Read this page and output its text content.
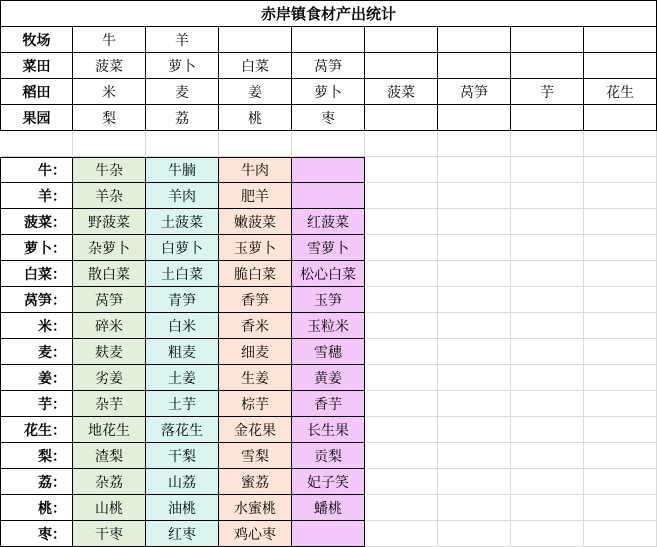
赤岸镇食材产出统计
牧场	牛	羊
菜田	菠菜	萝卜	白菜	莴笋
稻田	米	麦	姜	萝卜	菠菜	莴笋	芋	花生
果园	梨	荔	桃	枣
牛：	牛杂	牛腩	牛肉
羊：	羊杂	羊肉	肥羊
菠菜：	野菠菜	土菠菜	嫩菠菜	红菠菜
萝卜：	杂萝卜	白萝卜	玉萝卜	雪萝卜
白菜：	散白菜	土白菜	脆白菜	松心白菜
莴笋：	莴笋	青笋	香笋	玉笋
米：	碎米	白米	香米	玉粒米
麦：	麸麦	粗麦	细麦	雪穗
姜：	劣姜	土姜	生姜	黄姜
芋：	杂芋	土芋	棕芋	香芋
花生：	地花生	落花生	金花果	长生果
梨：	渣梨	干梨	雪梨	贡梨
荔：	杂荔	山荔	蜜荔	妃子笑
桃：	山桃	油桃	水蜜桃	蟠桃
枣：	干枣	红枣	鸡心枣
